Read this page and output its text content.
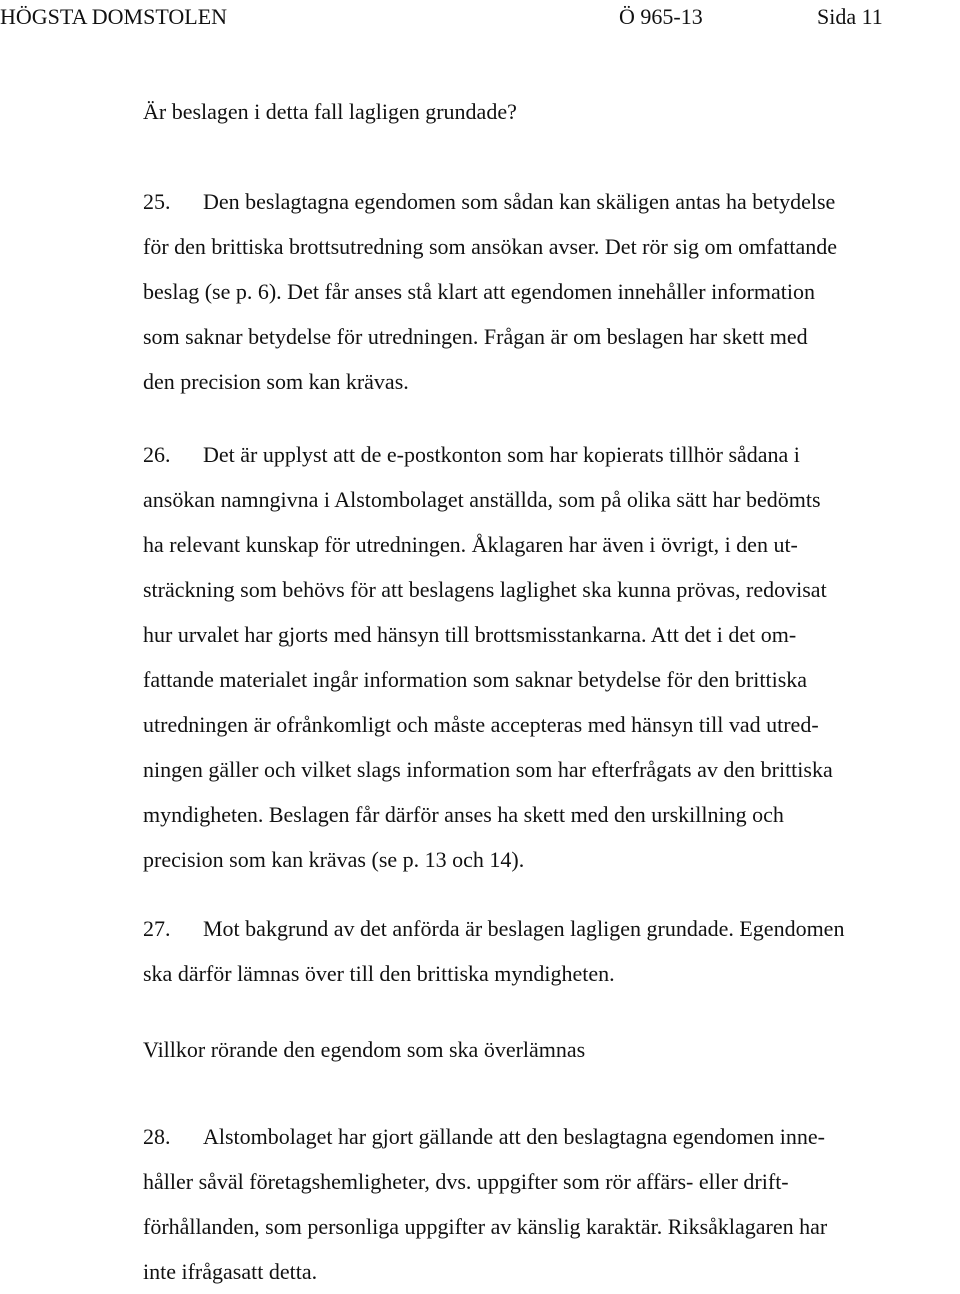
HÖGSTA DOMSTOLEN	Ö 965-13	Sida 11
Är beslagen i detta fall lagligen grundade?
25. Den beslagtagna egendomen som sådan kan skäligen antas ha betydelse
för den brittiska brottsutredning som ansökan avser. Det rör sig om omfattande
beslag (se p. 6). Det får anses stå klart att egendomen innehåller information
som saknar betydelse för utredningen. Frågan är om beslagen har skett med
den precision som kan krävas.
26. Det är upplyst att de e-postkonton som har kopierats tillhör sådana i
ansökan namngivna i Alstombolaget anställda, som på olika sätt har bedömts
ha relevant kunskap för utredningen. Åklagaren har även i övrigt, i den ut-
sträckning som behövs för att beslagens laglighet ska kunna prövas, redovisat
hur urvalet har gjorts med hänsyn till brottsmisstankarna. Att det i det om-
fattande materialet ingår information som saknar betydelse för den brittiska
utredningen är ofrånkomligt och måste accepteras med hänsyn till vad utred-
ningen gäller och vilket slags information som har efterfrågats av den brittiska
myndigheten. Beslagen får därför anses ha skett med den urskillning och
precision som kan krävas (se p. 13 och 14).
27. Mot bakgrund av det anförda är beslagen lagligen grundade. Egendomen
ska därför lämnas över till den brittiska myndigheten.
Villkor rörande den egendom som ska överlämnas
28. Alstombolaget har gjort gällande att den beslagtagna egendomen inne-
håller såväl företagshemligheter, dvs. uppgifter som rör affärs- eller drift-
förhållanden, som personliga uppgifter av känslig karaktär. Riksåklagaren har
inte ifrågasatt detta.
